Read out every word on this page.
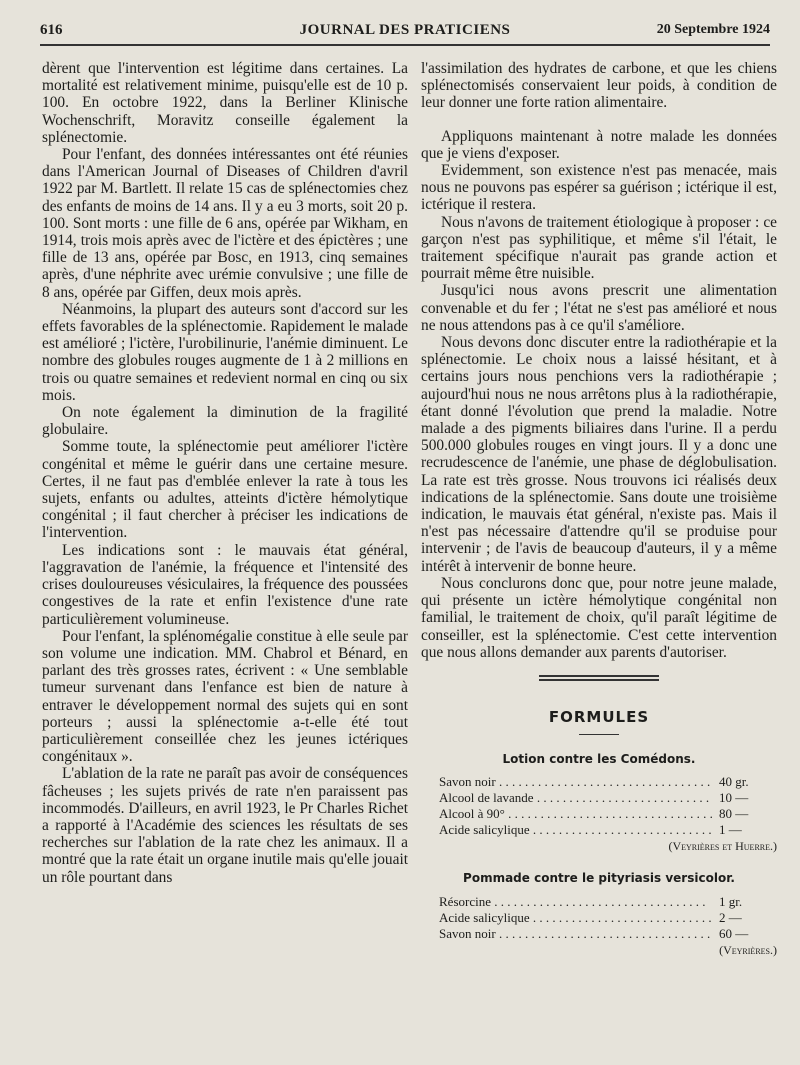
616	JOURNAL DES PRATICIENS	20 Septembre 1924

dèrent que l'intervention est légitime dans certaines. La mortalité est relativement minime, puisqu'elle est de 10 p. 100. En octobre 1922, dans la Berliner Klinische Wochenschrift, Moravitz conseille également la splénectomie.

Pour l'enfant, des données intéressantes ont été réunies dans l'American Journal of Diseases of Children d'avril 1922 par M. Bartlett. Il relate 15 cas de splénectomies chez des enfants de moins de 14 ans. Il y a eu 3 morts, soit 20 p. 100. Sont morts : une fille de 6 ans, opérée par Wikham, en 1914, trois mois après avec de l'ictère et des épictères ; une fille de 13 ans, opérée par Bosc, en 1913, cinq semaines après, d'une néphrite avec urémie convulsive ; une fille de 8 ans, opérée par Giffen, deux mois après.

Néanmoins, la plupart des auteurs sont d'accord sur les effets favorables de la splénectomie. Rapidement le malade est amélioré ; l'ictère, l'urobilinurie, l'anémie diminuent. Le nombre des globules rouges augmente de 1 à 2 millions en trois ou quatre semaines et redevient normal en cinq ou six mois.

On note également la diminution de la fragilité globulaire.

Somme toute, la splénectomie peut améliorer l'ictère congénital et même le guérir dans une certaine mesure. Certes, il ne faut pas d'emblée enlever la rate à tous les sujets, enfants ou adultes, atteints d'ictère hémolytique congénital ; il faut chercher à préciser les indications de l'intervention.

Les indications sont : le mauvais état général, l'aggravation de l'anémie, la fréquence et l'intensité des crises douloureuses vésiculaires, la fréquence des poussées congestives de la rate et enfin l'existence d'une rate particulièrement volumineuse.

Pour l'enfant, la splénomégalie constitue à elle seule par son volume une indication. MM. Chabrol et Bénard, en parlant des très grosses rates, écrivent : « Une semblable tumeur survenant dans l'enfance est bien de nature à entraver le développement normal des sujets qui en sont porteurs ; aussi la splénectomie a-t-elle été tout particulièrement conseillée chez les jeunes ictériques congénitaux ».

L'ablation de la rate ne paraît pas avoir de conséquences fâcheuses ; les sujets privés de rate n'en paraissent pas incommodés. D'ailleurs, en avril 1923, le Pr Charles Richet a rapporté à l'Académie des sciences les résultats de ses recherches sur l'ablation de la rate chez les animaux. Il a montré que la rate était un organe inutile mais qu'elle jouait un rôle pourtant dans

l'assimilation des hydrates de carbone, et que les chiens splénectomisés conservaient leur poids, à condition de leur donner une forte ration alimentaire.

Appliquons maintenant à notre malade les données que je viens d'exposer.

Evidemment, son existence n'est pas menacée, mais nous ne pouvons pas espérer sa guérison ; ictérique il est, ictérique il restera.

Nous n'avons de traitement étiologique à proposer : ce garçon n'est pas syphilitique, et même s'il l'était, le traitement spécifique n'aurait pas grande action et pourrait même être nuisible.

Jusqu'ici nous avons prescrit une alimentation convenable et du fer ; l'état ne s'est pas amélioré et nous ne nous attendons pas à ce qu'il s'améliore.

Nous devons donc discuter entre la radiothérapie et la splénectomie. Le choix nous a laissé hésitant, et à certains jours nous penchions vers la radiothérapie ; aujourd'hui nous ne nous arrêtons plus à la radiothérapie, étant donné l'évolution que prend la maladie. Notre malade a des pigments biliaires dans l'urine. Il a perdu 500.000 globules rouges en vingt jours. Il y a donc une recrudescence de l'anémie, une phase de déglobulisation. La rate est très grosse. Nous trouvons ici réalisés deux indications de la splénectomie. Sans doute une troisième indication, le mauvais état général, n'existe pas. Mais il n'est pas nécessaire d'attendre qu'il se produise pour intervenir ; de l'avis de beaucoup d'auteurs, il y a même intérêt à intervenir de bonne heure.

Nous conclurons donc que, pour notre jeune malade, qui présente un ictère hémolytique congénital non familial, le traitement de choix, qu'il paraît légitime de conseiller, est la splénectomie. C'est cette intervention que nous allons demander aux parents d'autoriser.

FORMULES
Lotion contre les Comédons.
Savon noir . . .	40 gr.
Alcool de lavande . . .	10 —
Alcool à 90° . . .	80 —
Acide salicylique . . .	1 —
(Veyrières et Huerre.)
Pommade contre le pityriasis versicolor.
Résorcine . . .	1 gr.
Acide salicylique . . .	2 —
Savon noir . . .	60 —
(Veyrières.)
